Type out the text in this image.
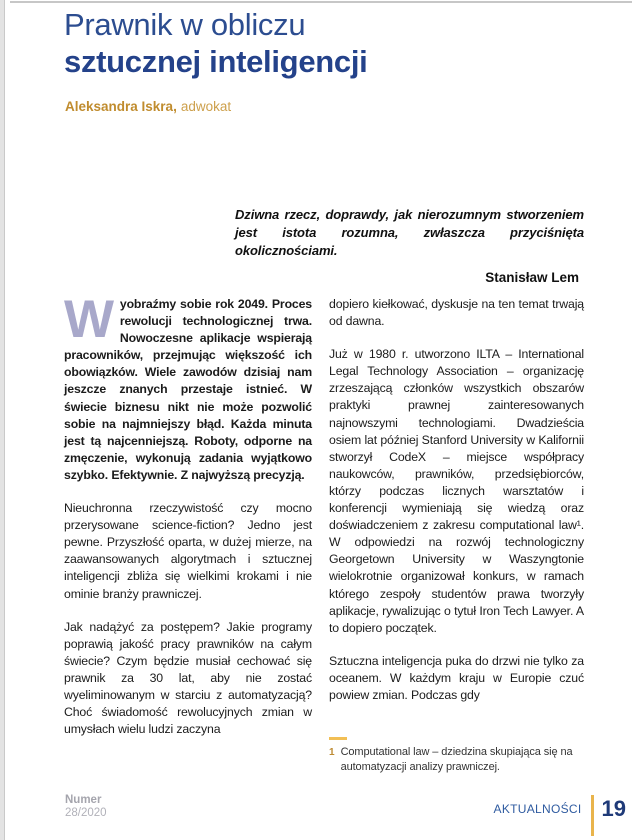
Prawnik w obliczu
sztucznej inteligencji
Aleksandra Iskra, adwokat

Dziwna rzecz, doprawdy, jak nierozumnym stworzeniem jest istota rozumna, zwłaszcza przyciśnięta okolicznościami.

Stanisław Lem

Wyobraźmy sobie rok 2049. Proces rewolucji technologicznej trwa. Nowoczesne aplikacje wspierają pracowników, przejmując większość ich obowiązków. Wiele zawodów dzisiaj nam jeszcze znanych przestaje istnieć. W świecie biznesu nikt nie może pozwolić sobie na najmniejszy błąd. Każda minuta jest tą najcenniejszą. Roboty, odporne na zmęczenie, wykonują zadania wyjątkowo szybko. Efektywnie. Z najwyższą precyzją.

Nieuchronna rzeczywistość czy mocno przerysowane science-fiction? Jedno jest pewne. Przyszłość oparta, w dużej mierze, na zaawansowanych algorytmach i sztucznej inteligencji zbliża się wielkimi krokami i nie ominie branży prawniczej.

Jak nadążyć za postępem? Jakie programy poprawią jakość pracy prawników na całym świecie? Czym będzie musiał cechować się prawnik za 30 lat, aby nie zostać wyeliminowanym w starciu z automatyzacją? Choć świadomość rewolucyjnych zmian w umysłach wielu ludzi zaczyna

dopiero kiełkować, dyskusje na ten temat trwają od dawna.

Już w 1980 r. utworzono ILTA – International Legal Technology Association – organizację zrzeszającą członków wszystkich obszarów praktyki prawnej zainteresowanych najnowszymi technologiami. Dwadzieścia osiem lat później Stanford University w Kalifornii stworzył CodeX – miejsce współpracy naukowców, prawników, przedsiębiorców, którzy podczas licznych warsztatów i konferencji wymieniają się wiedzą oraz doświadczeniem z zakresu computational law¹. W odpowiedzi na rozwój technologiczny Georgetown University w Waszyngtonie wielokrotnie organizował konkurs, w ramach którego zespoły studentów prawa tworzyły aplikacje, rywalizując o tytuł Iron Tech Lawyer. A to dopiero początek.

Sztuczna inteligencja puka do drzwi nie tylko za oceanem. W każdym kraju w Europie czuć powiew zmian. Podczas gdy

1 Computational law – dziedzina skupiająca się na automatyzacji analizy prawniczej.
Numer
28/2020	AKTUALNOŚCI 19
